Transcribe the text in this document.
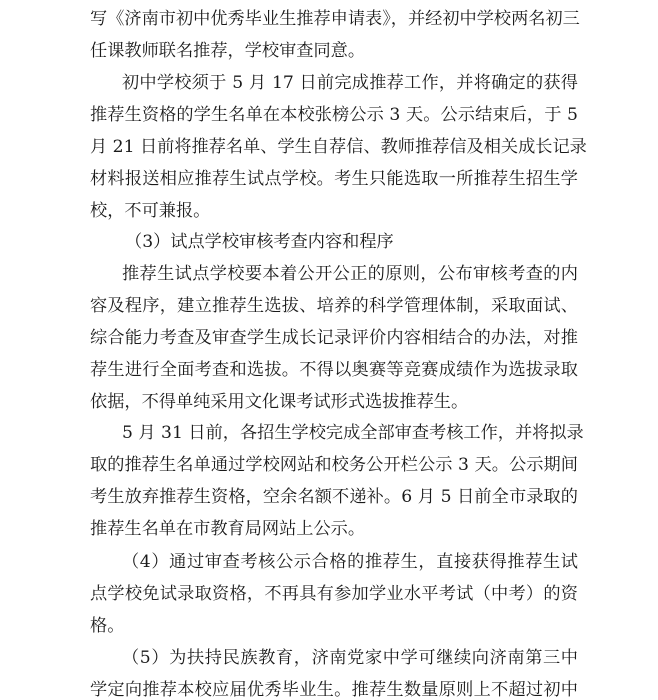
写《济南市初中优秀毕业生推荐申请表》，并经初中学校两名初三
任课教师联名推荐，学校审查同意。
初中学校须于 5 月 17 日前完成推荐工作，并将确定的获得
推荐生资格的学生名单在本校张榜公示 3 天。公示结束后，于 5
月 21 日前将推荐名单、学生自荐信、教师推荐信及相关成长记录
材料报送相应推荐生试点学校。考生只能选取一所推荐生招生学
校，不可兼报。
（3）试点学校审核考查内容和程序
推荐生试点学校要本着公开公正的原则，公布审核考查的内
容及程序，建立推荐生选拔、培养的科学管理体制，采取面试、
综合能力考查及审查学生成长记录评价内容相结合的办法，对推
荐生进行全面考查和选拔。不得以奥赛等竞赛成绩作为选拔录取
依据，不得单纯采用文化课考试形式选拔推荐生。
5 月 31 日前，各招生学校完成全部审查考核工作，并将拟录
取的推荐生名单通过学校网站和校务公开栏公示 3 天。公示期间
考生放弃推荐生资格，空余名额不递补。6 月 5 日前全市录取的
推荐生名单在市教育局网站上公示。
（4）通过审查考核公示合格的推荐生，直接获得推荐生试
点学校免试录取资格，不再具有参加学业水平考试（中考）的资
格。
（5）为扶持民族教育，济南党家中学可继续向济南第三中
学定向推荐本校应届优秀毕业生。推荐生数量原则上不超过初中
